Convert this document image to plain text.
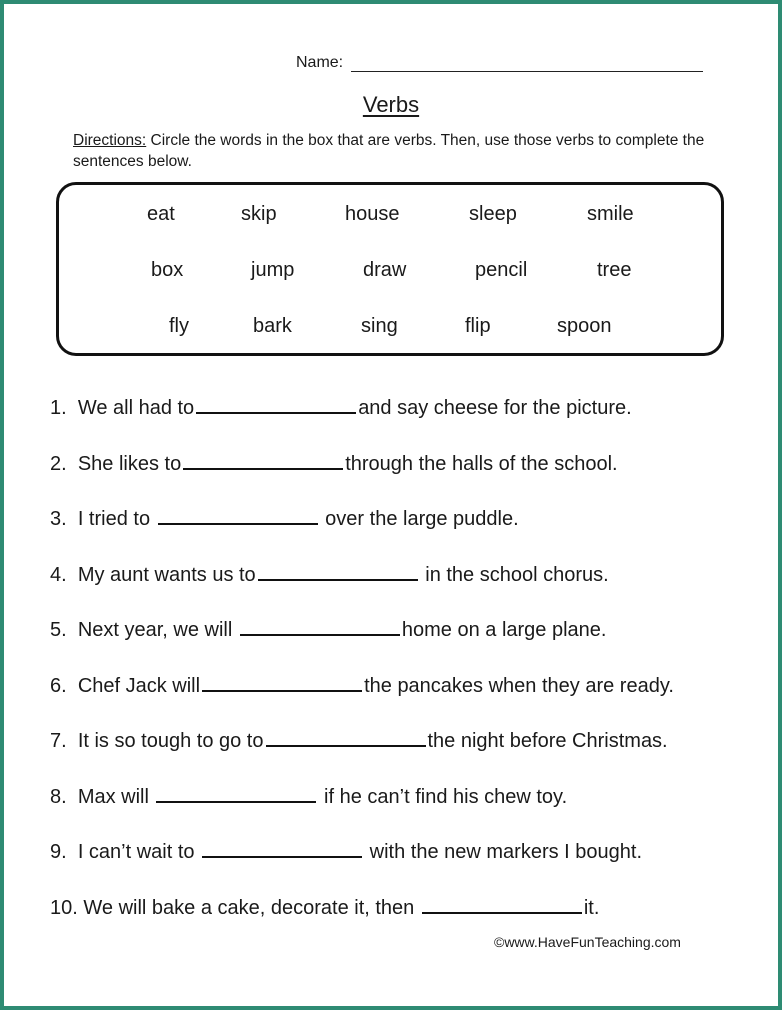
Name:
Verbs
Directions: Circle the words in the box that are verbs. Then, use those verbs to complete the sentences below.
eat	skip	house	sleep	smile
box	jump	draw	pencil	tree
fly	bark	sing	flip	spoon
1. We all had to	and say cheese for the picture.
2. She likes to	through the halls of the school.
3. I tried to	over the large puddle.
4. My aunt wants us to	in the school chorus.
5. Next year, we will	home on a large plane.
6. Chef Jack will	the pancakes when they are ready.
7. It is so tough to go to	the night before Christmas.
8. Max will	if he can’t find his chew toy.
9. I can’t wait to	with the new markers I bought.
10. We will bake a cake, decorate it, then	it.
©www.HaveFunTeaching.com
